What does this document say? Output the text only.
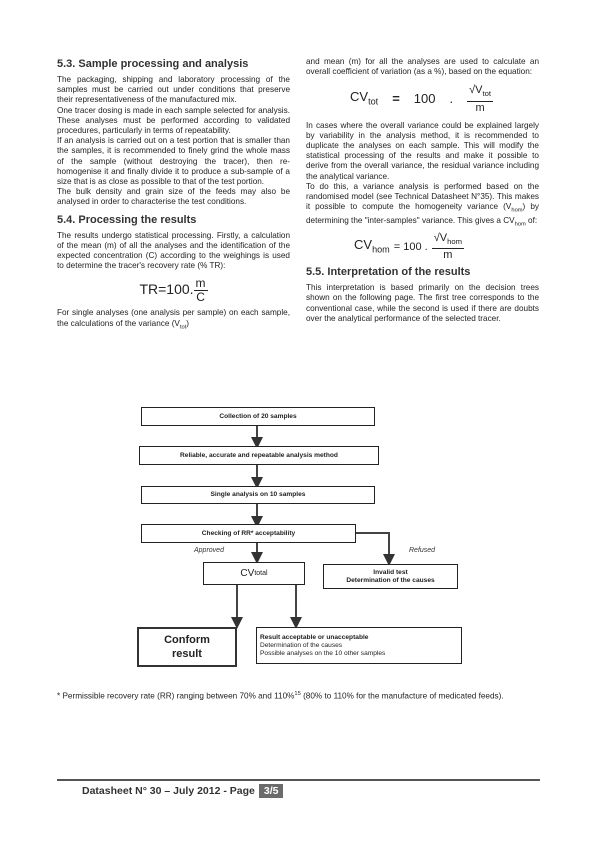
5.3. Sample processing and analysis

The packaging, shipping and laboratory processing of the samples must be carried out under conditions that preserve their representativeness of the manufactured mix.

One tracer dosing is made in each sample selected for analysis. These analyses must be performed according to validated procedures, particularly in terms of repeatability.

If an analysis is carried out on a test portion that is smaller than the samples, it is recommended to finely grind the whole mass of the sample (without destroying the tracer), then re-homogenise it and finally divide it to produce a sub-sample of a size that is as close as possible to that of the test portion.

The bulk density and grain size of the feeds may also be analysed in order to characterise the test conditions.

5.4. Processing the results

The results undergo statistical processing. Firstly, a calculation of the mean (m) of all the analyses and the identification of the expected concentration (C) according to the weighings is used to determine the tracer's recovery rate (% TR):

TR=100. $\frac{m}{C}$

For single analyses (one analysis per sample) on each sample, the calculations of the variance $(V_{tot})$

and mean (m) for all the analyses are used to calculate an overall coefficient of variation (as a %), based on the equation:

$CV_{tot} = 100$ . $\frac{√V_{tot}}{m}$

In cases where the overall variance could be explained largely by variability in the analysis method, it is recommended to duplicate the analyses on each sample. This will modify the statistical processing of the results and make it possible to derive from the overall variance, the residual variance including the analytical variance.

To do this, a variance analysis is performed based on the randomised model (see Technical Datasheet N°35). This makes it possible to compute the homogeneity variance $(V_{hom})$ by determining the "inter-samples" variance. This gives a $CV_{hom}$ of:

$CV_{hom} = 100$ . $\frac{√V_{hom}}{m}$
5.5. Interpretation of the results

This interpretation is based primarily on the decision trees shown on the following page. The first tree corresponds to the conventional case, while the second is used if there are doubts over the analytical performance of the selected tracer.

Collection of 20 samples
Reliable, accurate and repeatable analysis method
Single analysis on 10 samples
Checking of RR* acceptability
Approved	Refused
CV total	Invalid test
Determination of the causes
Conform
result
Result acceptable or unacceptable
Determination of the causes
Possible analyses on the 10 other samples
* Permissible recovery rate (RR) ranging between 70% and 110%$^{15}$ (80% to 110% for the manufacture of medicated feeds).
Datasheet N° 30 – July 2012 - Page 3/5
